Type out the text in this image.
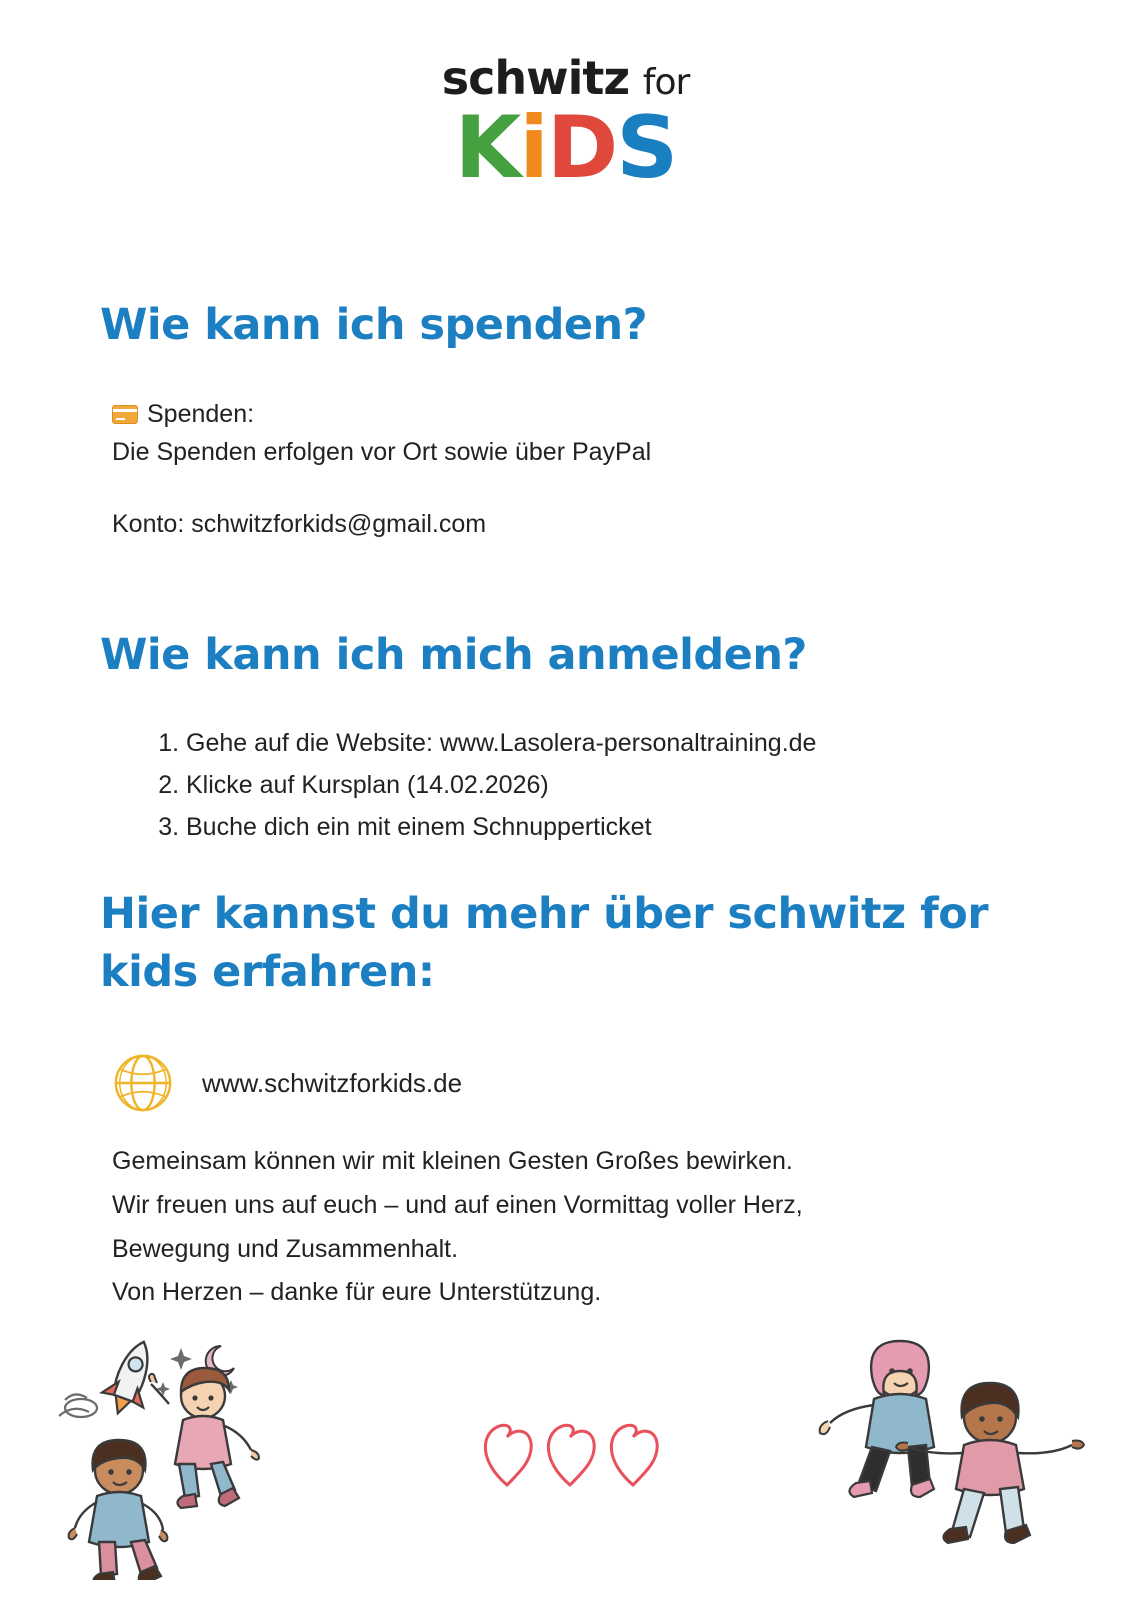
schwitz for
KiDS
Wie kann ich spenden?
Spenden:
Die Spenden erfolgen vor Ort sowie über PayPal
Konto: schwitzforkids@gmail.com
Wie kann ich mich anmelden?
1. Gehe auf die Website: www.Lasolera-personaltraining.de
2. Klicke auf Kursplan (14.02.2026)
3. Buche dich ein mit einem Schnupperticket
Hier kannst du mehr über schwitz for kids erfahren:
www.schwitzforkids.de

Gemeinsam können wir mit kleinen Gesten Großes bewirken.

Wir freuen uns auf euch – und auf einen Vormittag voller Herz,

Bewegung und Zusammenhalt.

Von Herzen – danke für eure Unterstützung.
